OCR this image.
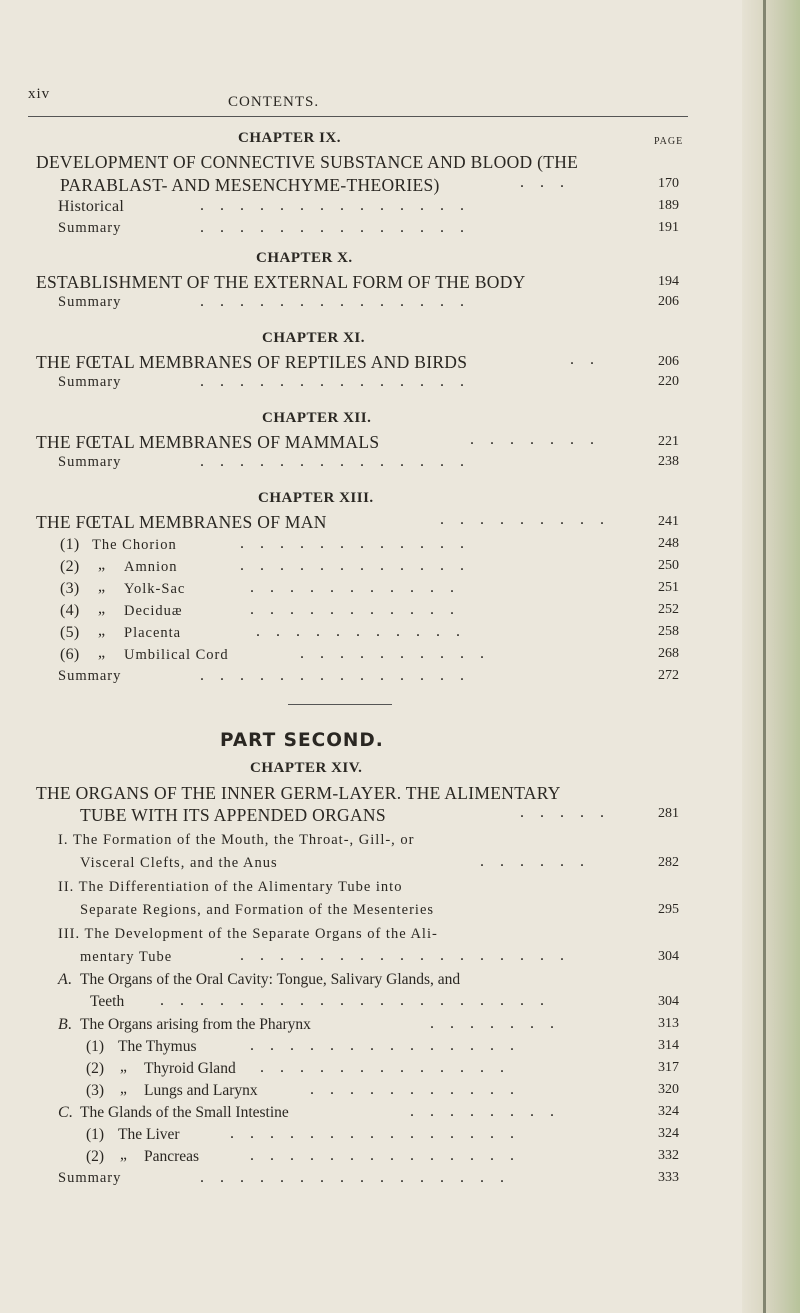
xiv	CONTENTS.
CHAPTER IX.	PAGE
DEVELOPMENT OF CONNECTIVE SUBSTANCE AND BLOOD (THE
PARABLAST- AND MESENCHYME-THEORIES)	. . .	170
Historical	. . . . . . . . . . . . . .	189
Summary	. . . . . . . . . . . . . .	191
CHAPTER X.
ESTABLISHMENT OF THE EXTERNAL FORM OF THE BODY	194
Summary	. . . . . . . . . . . . . .	206
CHAPTER XI.
THE FŒTAL MEMBRANES OF REPTILES AND BIRDS	. .	206
Summary	. . . . . . . . . . . . . .	220
CHAPTER XII.
THE FŒTAL MEMBRANES OF MAMMALS	. . . . . . .	221
Summary	. . . . . . . . . . . . . .	238
CHAPTER XIII.
THE FŒTAL MEMBRANES OF MAN	. . . . . . . . .	241
(1) The Chorion	. . . . . . . . . . . .	248
(2) „ Amnion	. . . . . . . . . . . .	250
(3) „ Yolk-Sac	. . . . . . . . . . .	251
(4) „ Deciduæ	. . . . . . . . . . .	252
(5) „ Placenta	. . . . . . . . . . .	258
(6) „ Umbilical Cord	. . . . . . . . . .	268
Summary	. . . . . . . . . . . . . .	272
PART SECOND.
CHAPTER XIV.
THE ORGANS OF THE INNER GERM-LAYER. THE ALIMENTARY
TUBE WITH ITS APPENDED ORGANS	. . . . .	281
I. The Formation of the Mouth, the Throat-, Gill-, or
Visceral Clefts, and the Anus	. . . . . .	282
II. The Differentiation of the Alimentary Tube into
Separate Regions, and Formation of the Mesenteries	295
III. The Development of the Separate Organs of the Ali-
mentary Tube	. . . . . . . . . . . . . . . . .	304
A. The Organs of the Oral Cavity: Tongue, Salivary Glands, and
Teeth . . . . . . . . . . . . . . . . . . . .	304
B. The Organs arising from the Pharynx	. . . . . . .	313
(1) The Thymus	. . . . . . . . . . . . . .	314
(2) „ Thyroid Gland . . . . . . . . . . . . .	317
(3) „ Lungs and Larynx	. . . . . . . . . . .	320
C. The Glands of the Small Intestine	. . . . . . . .	324
(1) The Liver	. . . . . . . . . . . . . . .	324
(2) „ Pancreas	. . . . . . . . . . . . . .	332
Summary	. . . . . . . . . . . . . . . .	333
